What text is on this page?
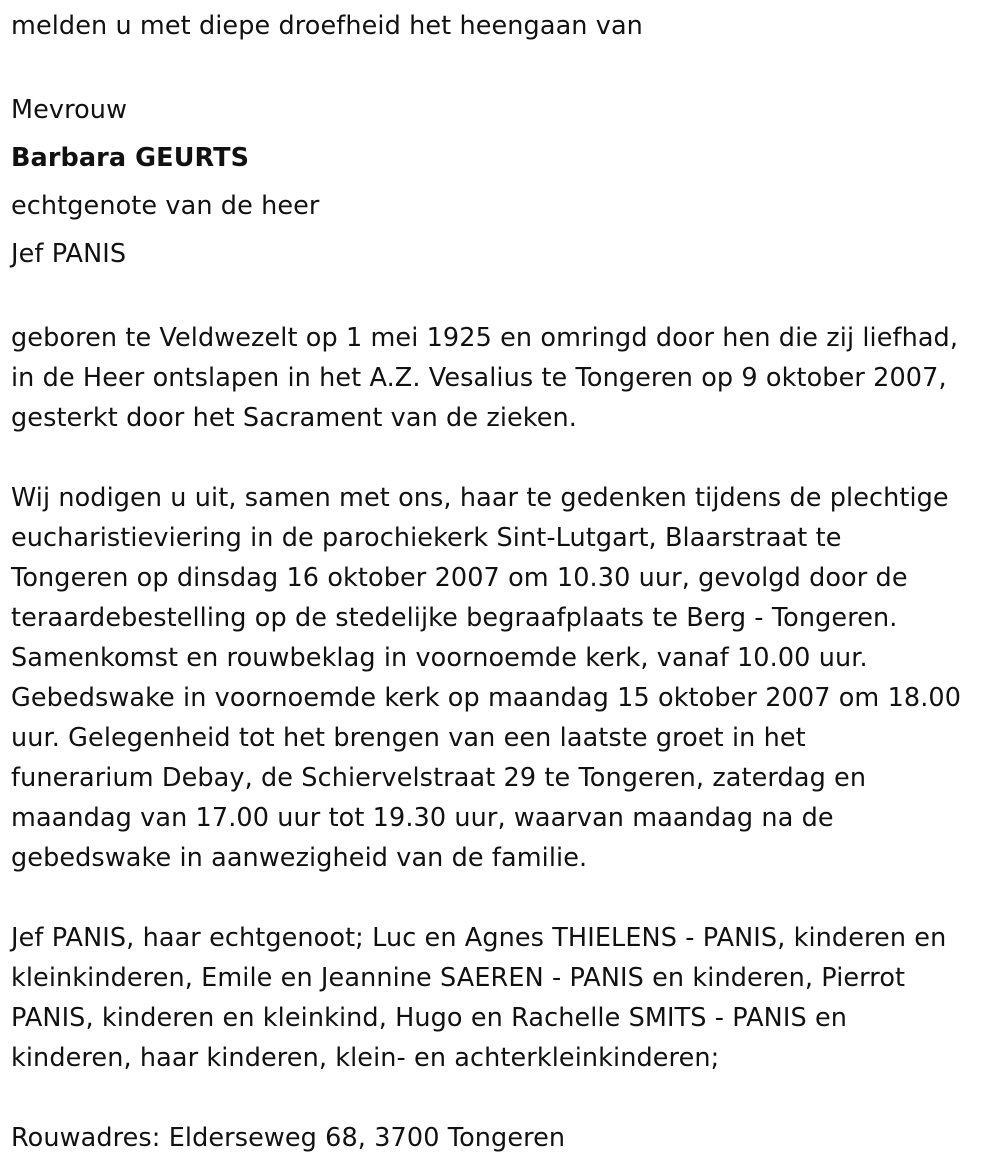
melden u met diepe droefheid het heengaan van
Mevrouw
Barbara GEURTS
echtgenote van de heer
Jef PANIS
geboren te Veldwezelt op 1 mei 1925 en omringd door hen die zij liefhad,
in de Heer ontslapen in het A.Z. Vesalius te Tongeren op 9 oktober 2007,
gesterkt door het Sacrament van de zieken.
Wij nodigen u uit, samen met ons, haar te gedenken tijdens de plechtige
eucharistieviering in de parochiekerk Sint-Lutgart, Blaarstraat te
Tongeren op dinsdag 16 oktober 2007 om 10.30 uur, gevolgd door de
teraardebestelling op de stedelijke begraafplaats te Berg - Tongeren.
Samenkomst en rouwbeklag in voornoemde kerk, vanaf 10.00 uur.
Gebedswake in voornoemde kerk op maandag 15 oktober 2007 om 18.00
uur. Gelegenheid tot het brengen van een laatste groet in het
funerarium Debay, de Schiervelstraat 29 te Tongeren, zaterdag en
maandag van 17.00 uur tot 19.30 uur, waarvan maandag na de
gebedswake in aanwezigheid van de familie.
Jef PANIS, haar echtgenoot; Luc en Agnes THIELENS - PANIS, kinderen en
kleinkinderen, Emile en Jeannine SAEREN - PANIS en kinderen, Pierrot
PANIS, kinderen en kleinkind, Hugo en Rachelle SMITS - PANIS en
kinderen, haar kinderen, klein- en achterkleinkinderen;
Rouwadres: Elderseweg 68, 3700 Tongeren
